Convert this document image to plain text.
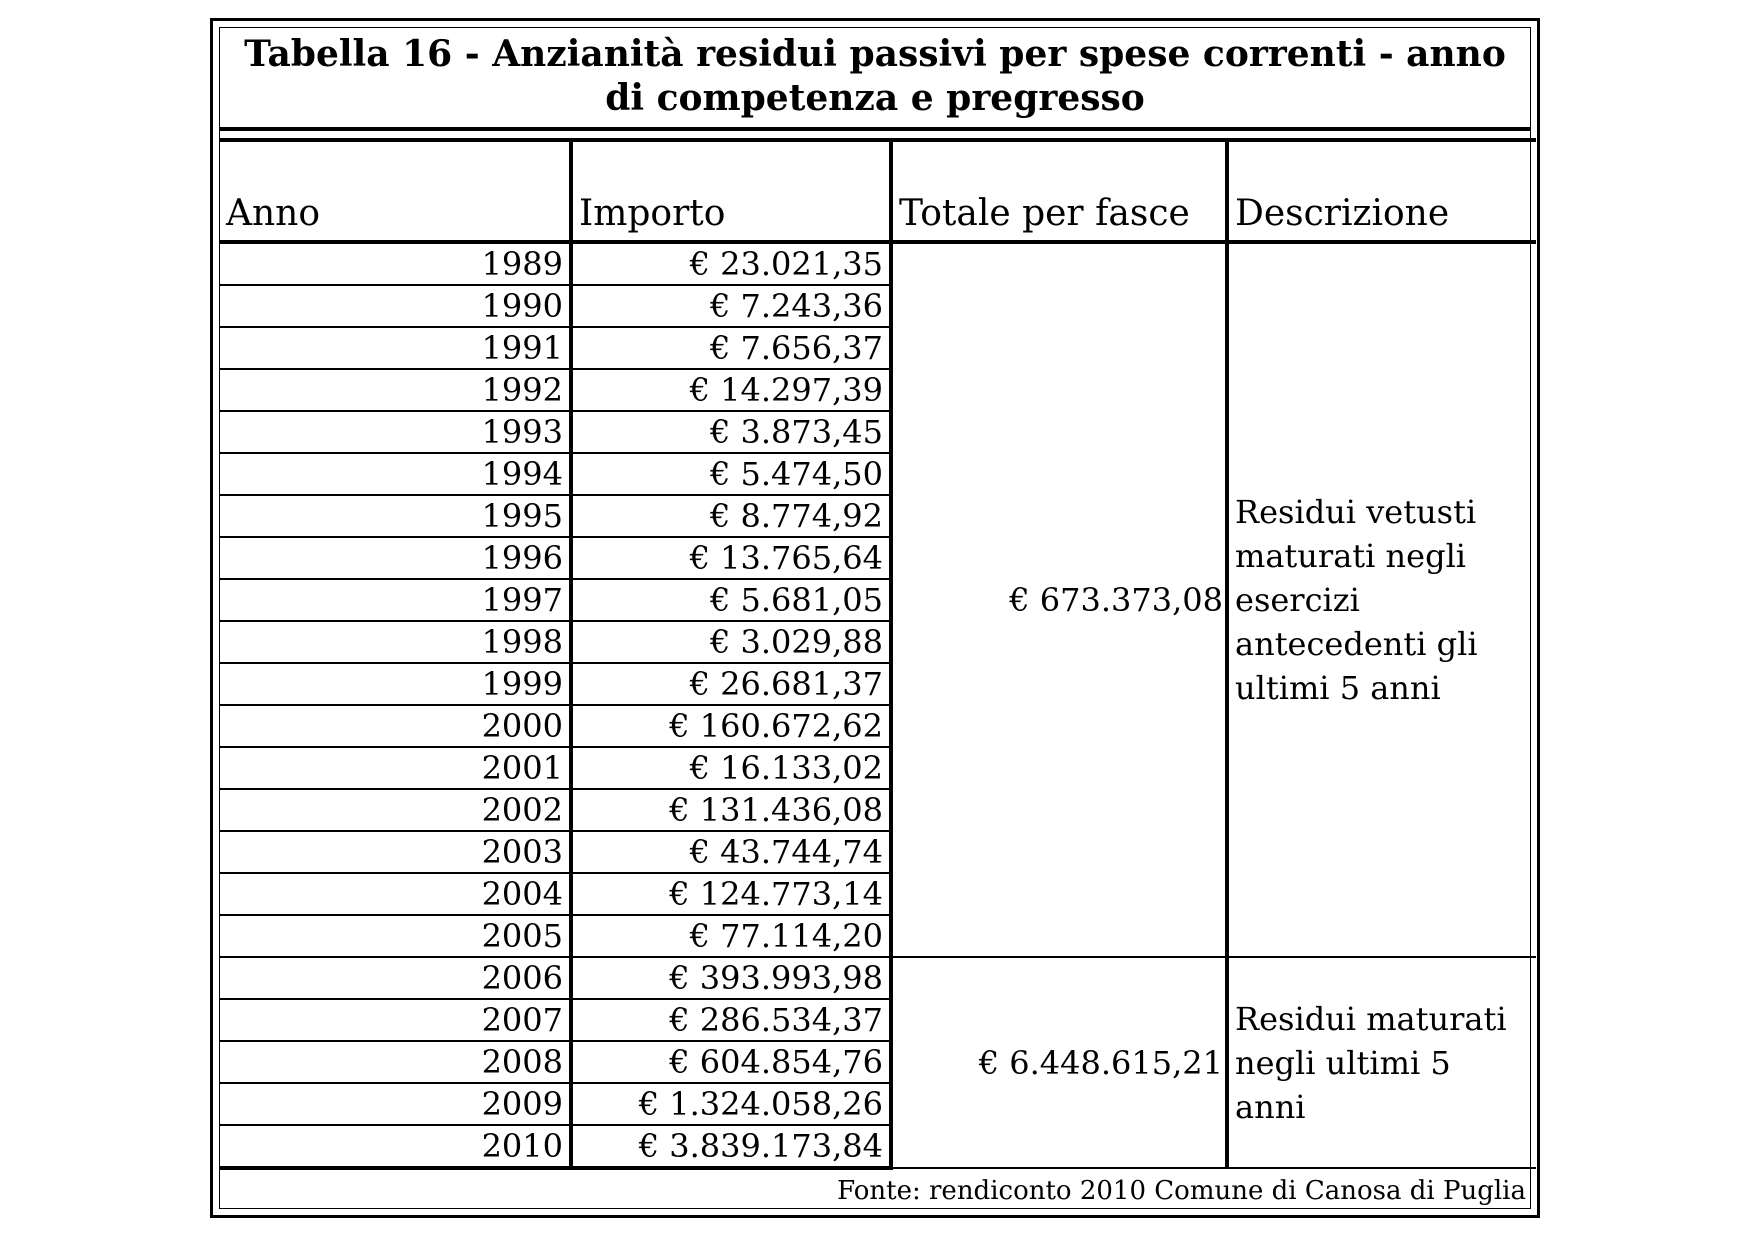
Tabella 16 - Anzianità residui passivi per spese correnti - anno
di competenza e pregresso
Anno	Importo	Totale per fasce	Descrizione
1989	€ 23.021,35	€ 673.373,08	Residui vetusti maturati negli esercizi antecedenti gli ultimi 5 anni
1990	€ 7.243,36		
1991	€ 7.656,37		
1992	€ 14.297,39		
1993	€ 3.873,45		
1994	€ 5.474,50		
1995	€ 8.774,92		
1996	€ 13.765,64		
1997	€ 5.681,05		
1998	€ 3.029,88		
1999	€ 26.681,37		
2000	€ 160.672,62		
2001	€ 16.133,02		
2002	€ 131.436,08		
2003	€ 43.744,74		
2004	€ 124.773,14		
2005	€ 77.114,20		
2006	€ 393.993,98	€ 6.448.615,21	Residui maturati negli ultimi 5 anni
2007	€ 286.534,37		
2008	€ 604.854,76		
2009	€ 1.324.058,26		
2010	€ 3.839.173,84		
Fonte: rendiconto 2010 Comune di Canosa di Puglia
